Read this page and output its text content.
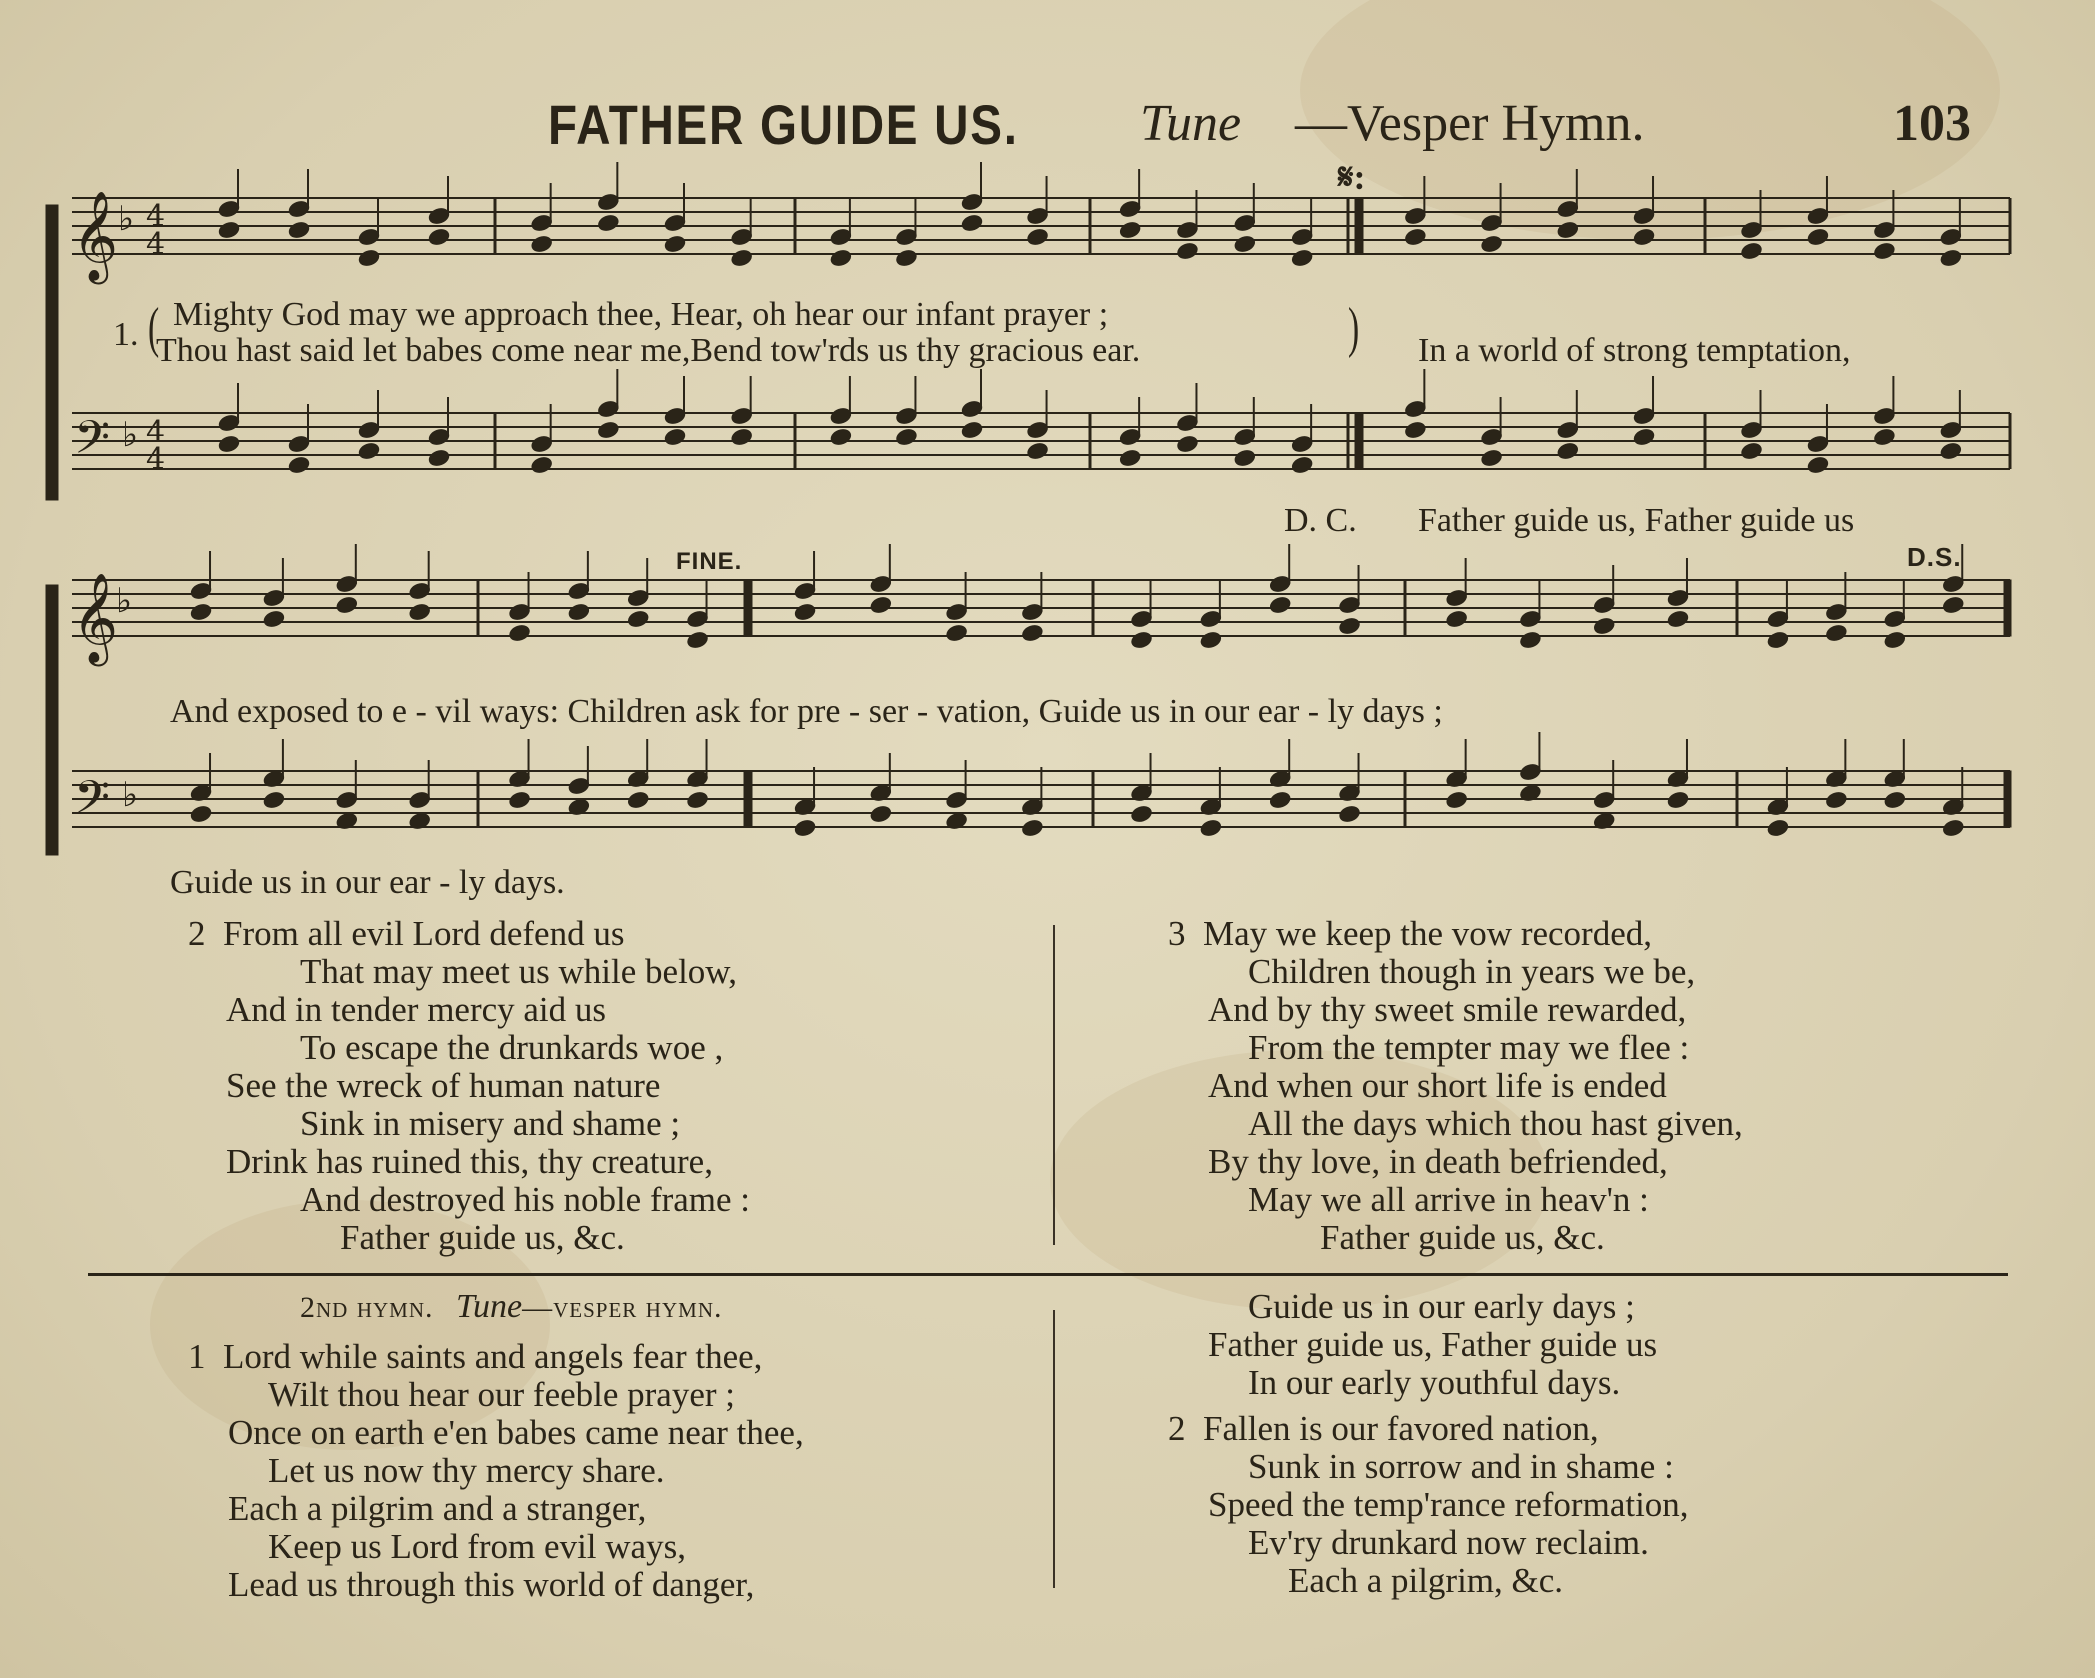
FATHER GUIDE US. Tune —Vesper Hymn.	103
𝄞
𝄢
𝄞
𝄢
♭
♭
♭
♭
4
4
4
4
𝄋:
FINE.	D.S.
D. C.
1. ( Mighty God may we approach thee, Hear, oh hear our infant prayer ;
Thou hast said let babes come near me,Bend tow'rds us thy gracious ear.	) In a world of strong temptation,
Father guide us, Father guide us
And exposed to e - vil ways: Children ask for pre - ser - vation, Guide us in our ear - ly days ;
Guide us in our ear - ly days.
2 From all evil Lord defend us
That may meet us while below,
And in tender mercy aid us
To escape the drunkards woe ,
See the wreck of human nature
Sink in misery and shame ;
Drink has ruined this, thy creature,
And destroyed his noble frame :
Father guide us, &c.
3 May we keep the vow recorded,
Children though in years we be,
And by thy sweet smile rewarded,
From the tempter may we flee :
And when our short life is ended
All the days which thou hast given,
By thy love, in death befriended,
May we all arrive in heav'n :
Father guide us, &c.
2nd hymn. Tune—vesper hymn.
1 Lord while saints and angels fear thee,
Wilt thou hear our feeble prayer ;
Once on earth e'en babes came near thee,
Let us now thy mercy share.
Each a pilgrim and a stranger,
Keep us Lord from evil ways,
Lead us through this world of danger,
Guide us in our early days ;
Father guide us, Father guide us
In our early youthful days.
2 Fallen is our favored nation,
Sunk in sorrow and in shame :
Speed the temp'rance reformation,
Ev'ry drunkard now reclaim.
Each a pilgrim, &c.
